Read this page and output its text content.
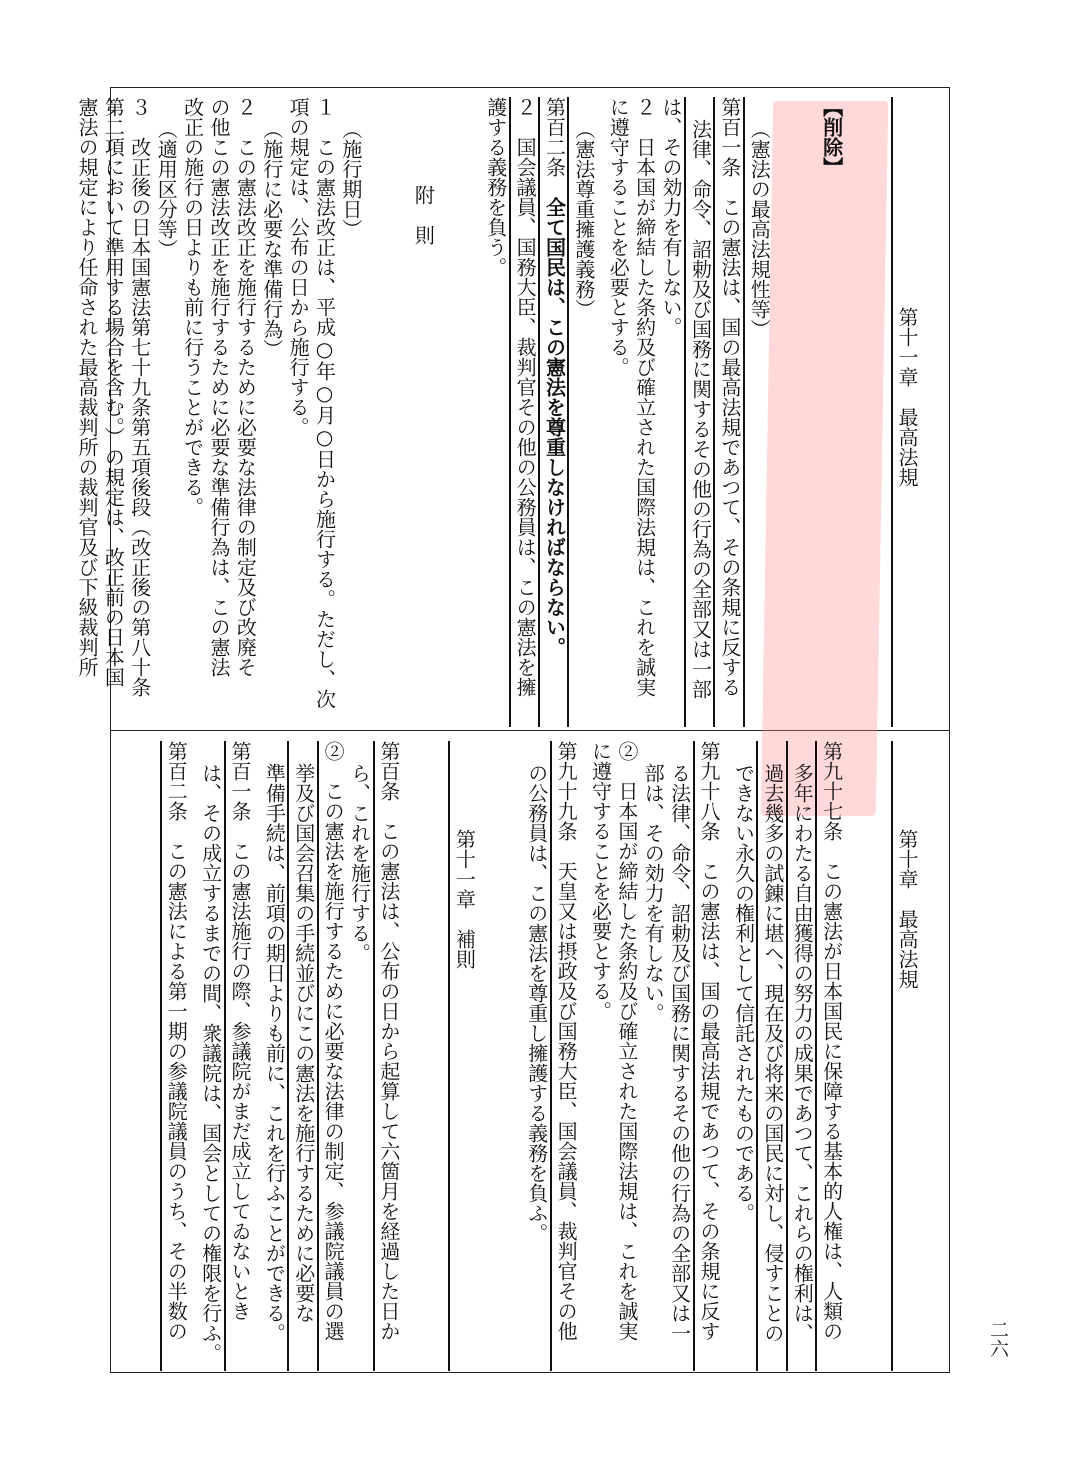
第十一章　最高法規
【削除】
（憲法の最高法規性等）
第百一条　この憲法は、国の最高法規であつて、その条規に反する
法律、命令、詔勅及び国務に関するその他の行為の全部又は一部
は、その効力を有しない。
２　日本国が締結した条約及び確立された国際法規は、これを誠実
に遵守することを必要とする。
（憲法尊重擁護義務）
第百二条　全て国民は、この憲法を尊重しなければならない。
２　国会議員、国務大臣、裁判官その他の公務員は、この憲法を擁
護する義務を負う。
附　則
（施行期日）
１　この憲法改正は、平成○年○月○日から施行する。ただし、次
項の規定は、公布の日から施行する。
（施行に必要な準備行為）
２　この憲法改正を施行するために必要な法律の制定及び改廃そ
の他この憲法改正を施行するために必要な準備行為は、この憲法
改正の施行の日よりも前に行うことができる。
（適用区分等）
３　改正後の日本国憲法第七十九条第五項後段（改正後の第八十条
第二項において準用する場合を含む。）の規定は、改正前の日本国
憲法の規定により任命された最高裁判所の裁判官及び下級裁判所
第十章　最高法規
第九十七条　この憲法が日本国民に保障する基本的人権は、人類の
多年にわたる自由獲得の努力の成果であつて、これらの権利は、
過去幾多の試錬に堪へ、現在及び将来の国民に対し、侵すことの
できない永久の権利として信託されたものである。
第九十八条　この憲法は、国の最高法規であつて、その条規に反す
る法律、命令、詔勅及び国務に関するその他の行為の全部又は一
部は、その効力を有しない。
②　日本国が締結した条約及び確立された国際法規は、これを誠実
に遵守することを必要とする。
第九十九条　天皇又は摂政及び国務大臣、国会議員、裁判官その他
の公務員は、この憲法を尊重し擁護する義務を負ふ。
第十一章　補則
第百条　この憲法は、公布の日から起算して六箇月を経過した日か
ら、これを施行する。
②　この憲法を施行するために必要な法律の制定、参議院議員の選
挙及び国会召集の手続並びにこの憲法を施行するために必要な
準備手続は、前項の期日よりも前に、これを行ふことができる。
第百一条　この憲法施行の際、参議院がまだ成立してゐないとき
は、その成立するまでの間、衆議院は、国会としての権限を行ふ。
第百二条　この憲法による第一期の参議院議員のうち、その半数の	二六
